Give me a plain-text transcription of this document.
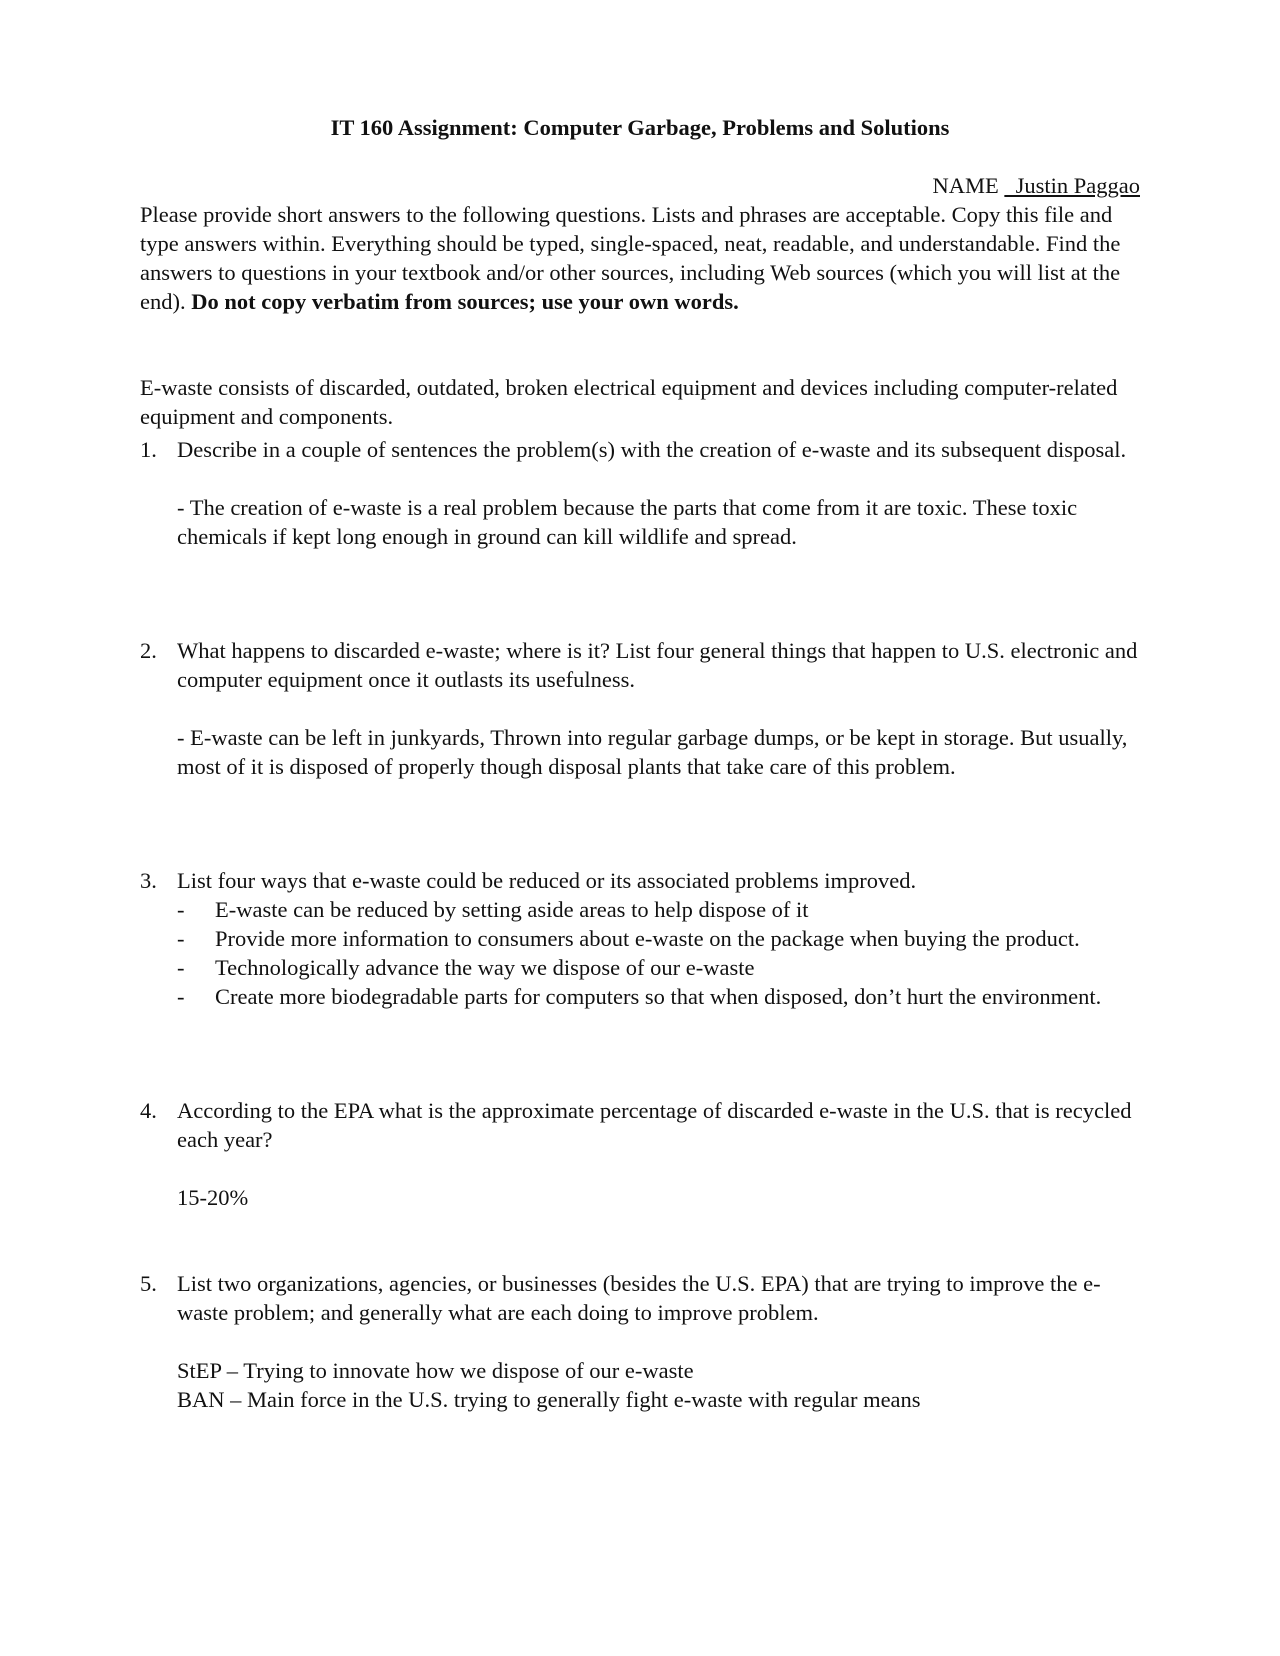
IT 160 Assignment: Computer Garbage, Problems and Solutions
NAME   Justin Paggao

Please provide short answers to the following questions. Lists and phrases are acceptable. Copy this file and type answers within. Everything should be typed, single-spaced, neat, readable, and understandable. Find the answers to questions in your textbook and/or other sources, including Web sources (which you will list at the end). Do not copy verbatim from sources; use your own words.

E-waste consists of discarded, outdated, broken electrical equipment and devices including computer-related equipment and components.

1. Describe in a couple of sentences the problem(s) with the creation of e-waste and its subsequent disposal.
- The creation of e-waste is a real problem because the parts that come from it are toxic. These toxic chemicals if kept long enough in ground can kill wildlife and spread.
2. What happens to discarded e-waste; where is it? List four general things that happen to U.S. electronic and computer equipment once it outlasts its usefulness.
- E-waste can be left in junkyards, Thrown into regular garbage dumps, or be kept in storage. But usually, most of it is disposed of properly though disposal plants that take care of this problem.
3. List four ways that e-waste could be reduced or its associated problems improved.
- E-waste can be reduced by setting aside areas to help dispose of it
- Provide more information to consumers about e-waste on the package when buying the product.
- Technologically advance the way we dispose of our e-waste
- Create more biodegradable parts for computers so that when disposed, don’t hurt the environment.
4. According to the EPA what is the approximate percentage of discarded e-waste in the U.S. that is recycled each year?
15-20%
5. List two organizations, agencies, or businesses (besides the U.S. EPA) that are trying to improve the e-waste problem; and generally what are each doing to improve problem.
StEP – Trying to innovate how we dispose of our e-waste
BAN – Main force in the U.S. trying to generally fight e-waste with regular means
